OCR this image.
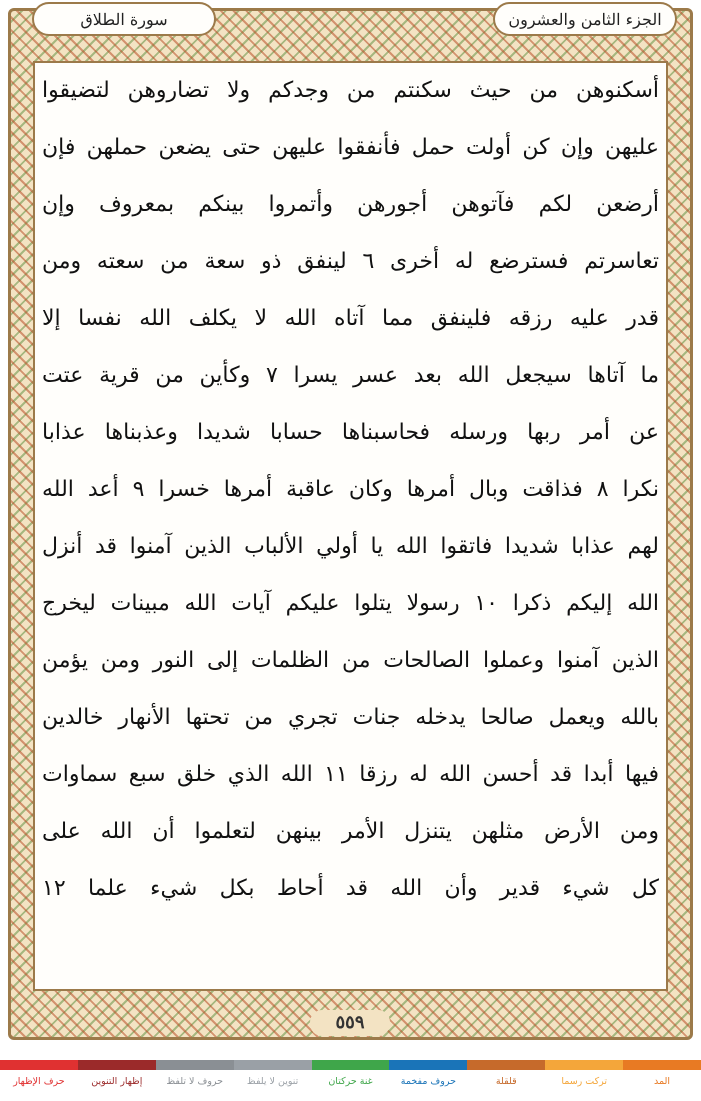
الجزء الثامن والعشرون
سورة الطلاق
أسكنوهن من حيث سكنتم من وجدكم ولا تضاروهن لتضيقوا
عليهن وإن كن أولت حمل فأنفقوا عليهن حتى يضعن حملهن فإن
أرضعن لكم فآتوهن أجورهن وأتمروا بينكم بمعروف وإن
تعاسرتم فسترضع له أخرى ٦ لينفق ذو سعة من سعته ومن
قدر عليه رزقه فلينفق مما آتاه الله لا يكلف الله نفسا إلا
ما آتاها سيجعل الله بعد عسر يسرا ٧ وكأين من قرية عتت
عن أمر ربها ورسله فحاسبناها حسابا شديدا وعذبناها عذابا
نكرا ٨ فذاقت وبال أمرها وكان عاقبة أمرها خسرا ٩ أعد الله
لهم عذابا شديدا فاتقوا الله يا أولي الألباب الذين آمنوا قد أنزل
الله إليكم ذكرا ١٠ رسولا يتلوا عليكم آيات الله مبينات ليخرج
الذين آمنوا وعملوا الصالحات من الظلمات إلى النور ومن يؤمن
بالله ويعمل صالحا يدخله جنات تجري من تحتها الأنهار خالدين
فيها أبدا قد أحسن الله له رزقا ١١ الله الذي خلق سبع سماوات
ومن الأرض مثلهن يتنزل الأمر بينهن لتعلموا أن الله على
كل شيء قدير وأن الله قد أحاط بكل شيء علما ١٢
٥٥٩
المد
تركت رسما
قلقلة
حروف مفخمة
غنة حركتان
تنوين لا يلفظ
حروف لا تلفظ
إظهار التنوين
حرف الإظهار
